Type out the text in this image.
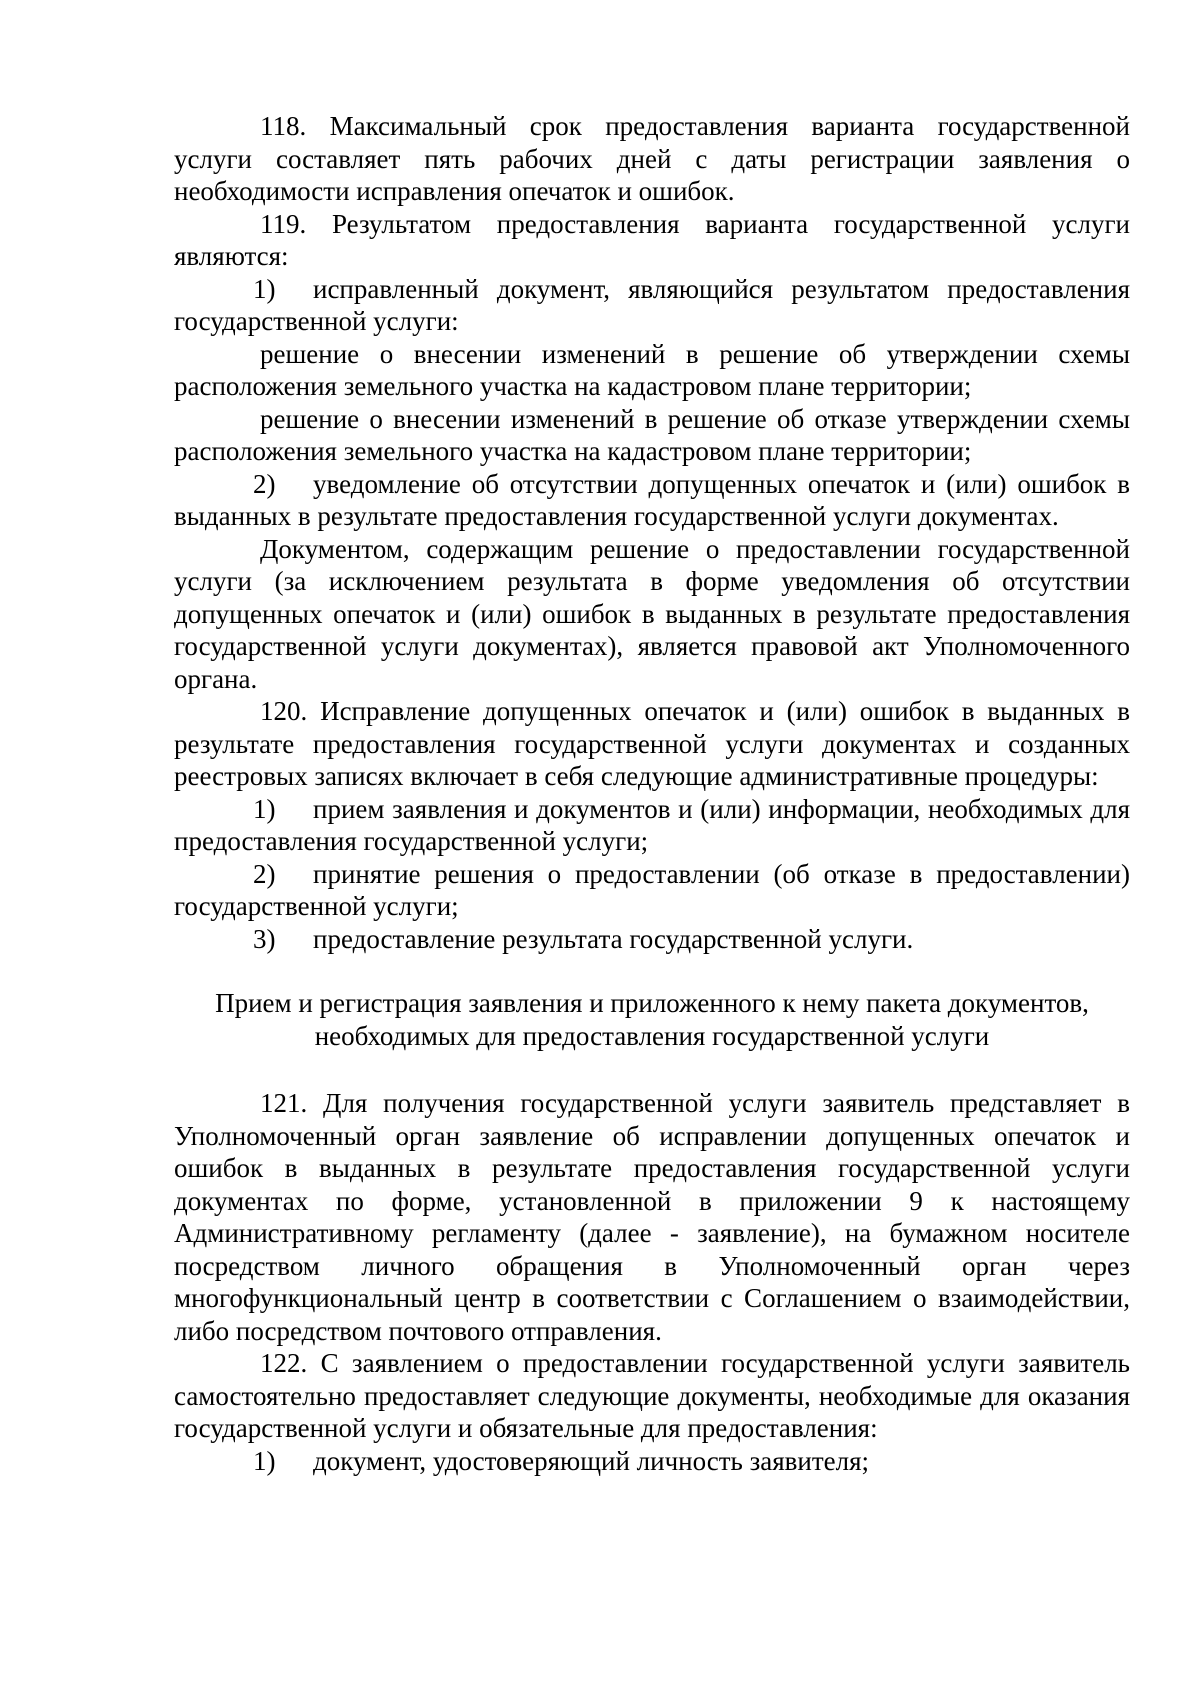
118. Максимальный срок предоставления варианта государственной услуги составляет пять рабочих дней с даты регистрации заявления о необходимости исправления опечаток и ошибок.

119. Результатом предоставления варианта государственной услуги являются:

1) исправленный документ, являющийся результатом предоставления государственной услуги:

решение о внесении изменений в решение об утверждении схемы расположения земельного участка на кадастровом плане территории;

решение о внесении изменений в решение об отказе утверждении схемы расположения земельного участка на кадастровом плане территории;

2) уведомление об отсутствии допущенных опечаток и (или) ошибок в выданных в результате предоставления государственной услуги документах.

Документом, содержащим решение о предоставлении государственной услуги (за исключением результата в форме уведомления об отсутствии допущенных опечаток и (или) ошибок в выданных в результате предоставления государственной услуги документах), является правовой акт Уполномоченного органа.

120. Исправление допущенных опечаток и (или) ошибок в выданных в результате предоставления государственной услуги документах и созданных реестровых записях включает в себя следующие административные процедуры:

1) прием заявления и документов и (или) информации, необходимых для предоставления государственной услуги;

2) принятие решения о предоставлении (об отказе в предоставлении) государственной услуги;

3) предоставление результата государственной услуги.

Прием и регистрация заявления и приложенного к нему пакета документов,

необходимых для предоставления государственной услуги

121. Для получения государственной услуги заявитель представляет в Уполномоченный орган заявление об исправлении допущенных опечаток и ошибок в выданных в результате предоставления государственной услуги документах по форме, установленной в приложении 9 к настоящему Административному регламенту (далее - заявление), на бумажном носителе посредством личного обращения в Уполномоченный орган через многофункциональный центр в соответствии с Соглашением о взаимодействии, либо посредством почтового отправления.

122. С заявлением о предоставлении государственной услуги заявитель самостоятельно предоставляет следующие документы, необходимые для оказания государственной услуги и обязательные для предоставления:

1) документ, удостоверяющий личность заявителя;
